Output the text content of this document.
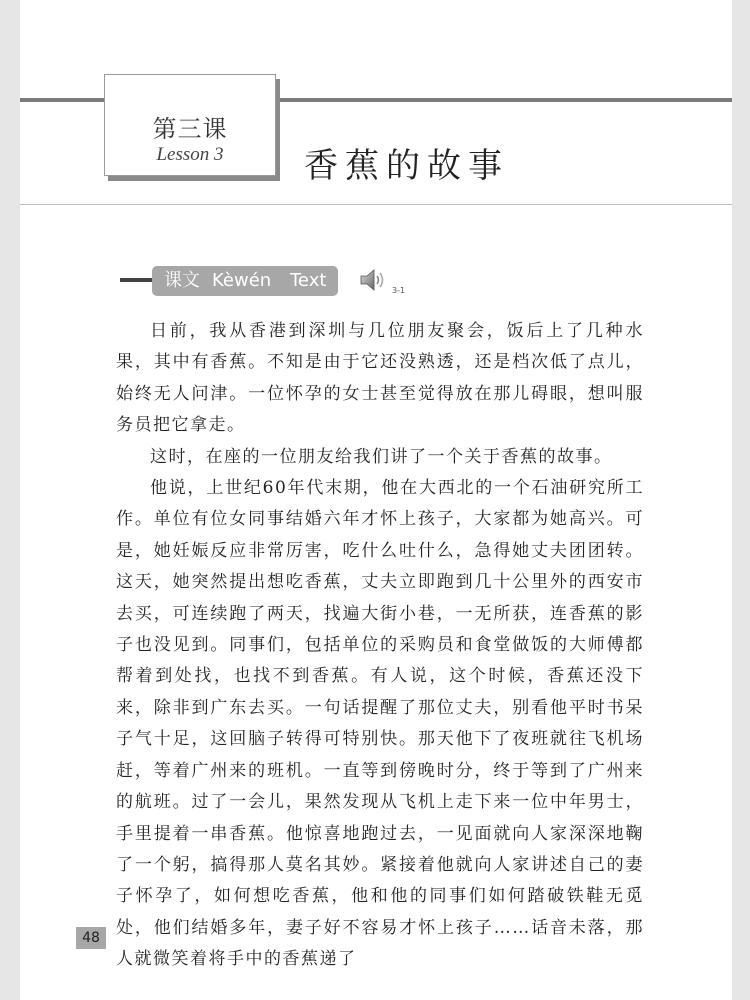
第三课
Lesson 3	香蕉的故事
课文 Kèwén Text	3-1

日前，我从香港到深圳与几位朋友聚会，饭后上了几种水果，其中有香蕉。不知是由于它还没熟透，还是档次低了点儿，始终无人问津。一位怀孕的女士甚至觉得放在那儿碍眼，想叫服务员把它拿走。

这时，在座的一位朋友给我们讲了一个关于香蕉的故事。

他说，上世纪60年代末期，他在大西北的一个石油研究所工作。单位有位女同事结婚六年才怀上孩子，大家都为她高兴。可是，她妊娠反应非常厉害，吃什么吐什么，急得她丈夫团团转。这天，她突然提出想吃香蕉，丈夫立即跑到几十公里外的西安市去买，可连续跑了两天，找遍大街小巷，一无所获，连香蕉的影子也没见到。同事们，包括单位的采购员和食堂做饭的大师傅都帮着到处找，也找不到香蕉。有人说，这个时候，香蕉还没下来，除非到广东去买。一句话提醒了那位丈夫，别看他平时书呆子气十足，这回脑子转得可特别快。那天他下了夜班就往飞机场赶，等着广州来的班机。一直等到傍晚时分，终于等到了广州来的航班。过了一会儿，果然发现从飞机上走下来一位中年男士，手里提着一串香蕉。他惊喜地跑过去，一见面就向人家深深地鞠了一个躬，搞得那人莫名其妙。紧接着他就向人家讲述自己的妻子怀孕了，如何想吃香蕉，他和他的同事们如何踏破铁鞋无觅处，他们结婚多年，妻子好不容易才怀上孩子……话音未落，那人就微笑着将手中的香蕉递了

48
